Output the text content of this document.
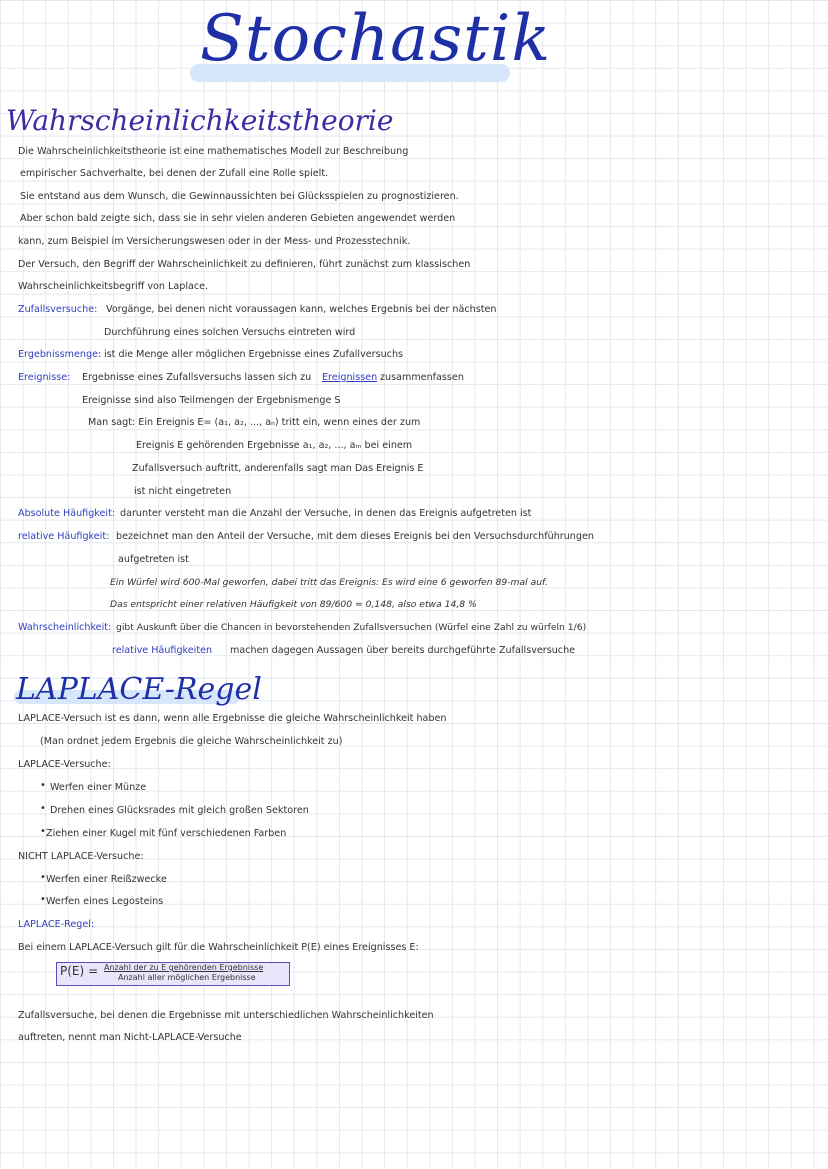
Stochastik
Wahrscheinlichkeitstheorie
Die Wahrscheinlichkeitstheorie ist eine mathematisches Modell zur Beschreibung
empirischer Sachverhalte, bei denen der Zufall eine Rolle spielt.
Sie entstand aus dem Wunsch, die Gewinnaussichten bei Glücksspielen zu prognostizieren.
Aber schon bald zeigte sich, dass sie in sehr vielen anderen Gebieten angewendet werden
kann, zum Beispiel im Versicherungswesen oder in der Mess- und Prozesstechnik.
Der Versuch, den Begriff der Wahrscheinlichkeit zu definieren, führt zunächst zum klassischen
Wahrscheinlichkeitsbegriff von Laplace.
Zufallsversuche: Vorgänge, bei denen nicht voraussagen kann, welches Ergebnis bei der nächsten
Durchführung eines solchen Versuchs eintreten wird
Ergebnissmenge: ist die Menge aller möglichen Ergebnisse eines Zufallversuchs
Ereignisse: Ergebnisse eines Zufallsversuchs lassen sich zu Ereignissen zusammenfassen
Ereignisse sind also Teilmengen der Ergebnismenge S
Man sagt: Ein Ereignis E= (a₁, a₂, ..., aₙ) tritt ein, wenn eines der zum
Ereignis E gehörenden Ergebnisse a₁, a₂, ..., aₘ bei einem
Zufallsversuch auftritt, anderenfalls sagt man Das Ereignis E
ist nicht eingetreten
Absolute Häufigkeit: darunter versteht man die Anzahl der Versuche, in denen das Ereignis aufgetreten ist
relative Häufigkeit: bezeichnet man den Anteil der Versuche, mit dem dieses Ereignis bei den Versuchsdurchführungen
aufgetreten ist
Ein Würfel wird 600-Mal geworfen, dabei tritt das Ereignis: Es wird eine 6 geworfen 89-mal auf.
Das entspricht einer relativen Häufigkeit von 89/600 ≈ 0,148, also etwa 14,8 %
Wahrscheinlichkeit: gibt Auskunft über die Chancen in bevorstehenden Zufallsversuchen (Würfel eine Zahl zu würfeln 1/6)
relative Häufigkeiten machen dagegen Aussagen über bereits durchgeführte Zufallsversuche
LAPLACE-Regel
LAPLACE-Versuch ist es dann, wenn alle Ergebnisse die gleiche Wahrscheinlichkeit haben
(Man ordnet jedem Ergebnis die gleiche Wahrscheinlichkeit zu)
LAPLACE-Versuche:
• Werfen einer Münze
• Drehen eines Glücksrades mit gleich großen Sektoren
• Ziehen einer Kugel mit fünf verschiedenen Farben
NICHT LAPLACE-Versuche:
• Werfen einer Reißzwecke
• Werfen eines Legosteins
LAPLACE-Regel:
Bei einem LAPLACE-Versuch gilt für die Wahrscheinlichkeit P(E) eines Ereignisses E:
P(E) = Anzahl der zu E gehörenden Ergebnisse
Anzahl aller möglichen Ergebnisse
Zufallsversuche, bei denen die Ergebnisse mit unterschiedlichen Wahrscheinlichkeiten
auftreten, nennt man Nicht-LAPLACE-Versuche
